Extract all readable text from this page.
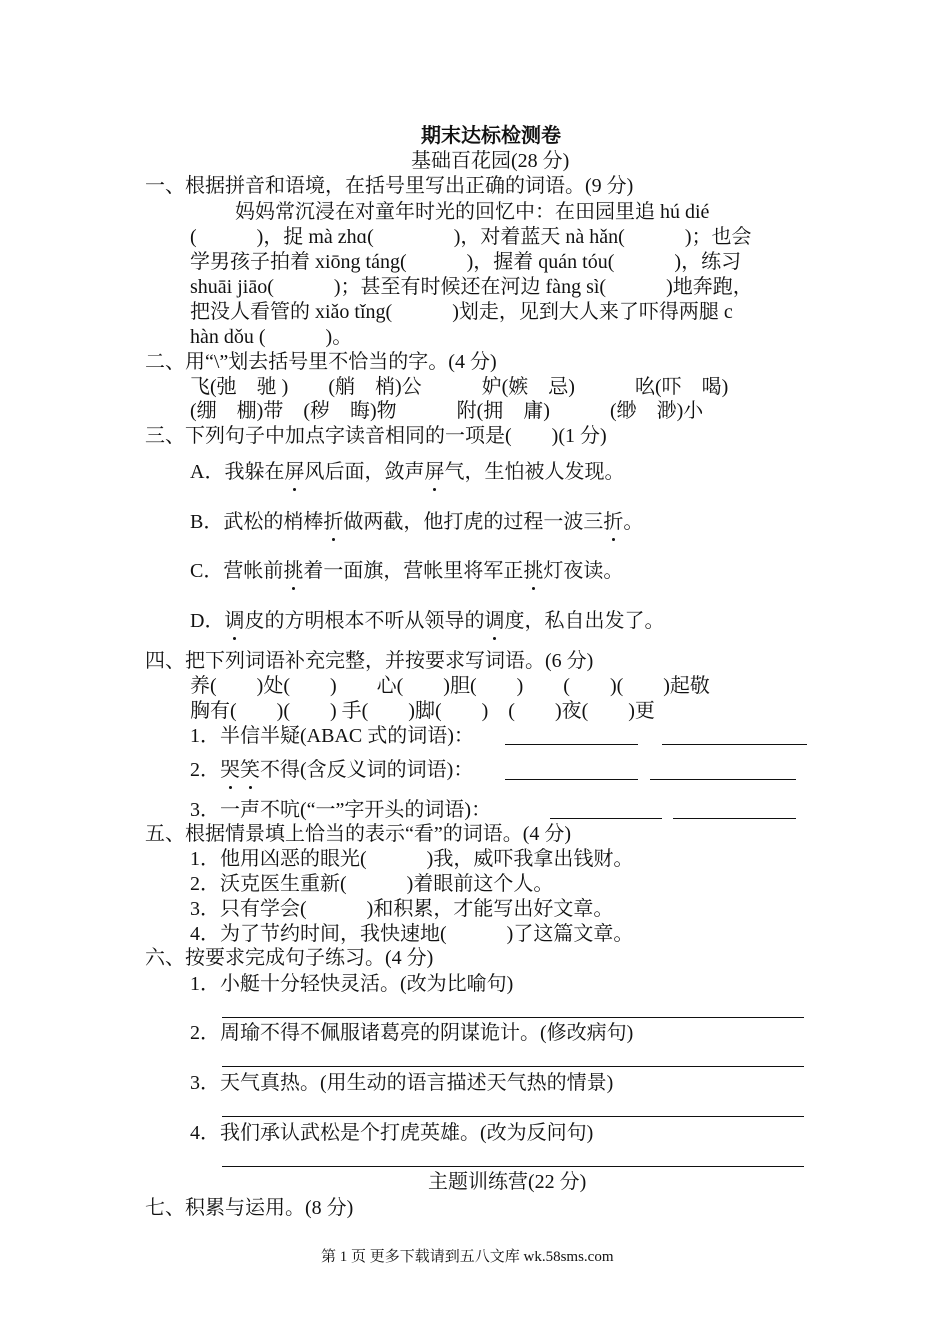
期末达标检测卷
基础百花园(28 分)
一、根据拼音和语境，在括号里写出正确的词语。(9 分)
妈妈常沉浸在对童年时光的回忆中：在田园里追 hú dié
(　　　)，捉 mà zhɑ(　　　　)，对着蓝天 nà hǎn(　　　)；也会
学男孩子拍着 xiōng táng(　　　)，握着 quán tóu(　　　)，练习
shuāi jiāo(　　　)；甚至有时候还在河边 fàng sì(　　　)地奔跑，
把没人看管的 xiǎo tǐng(　　　)划走，见到大人来了吓得两腿 c
hàn dǒu (　　　)。
二、用“\”划去括号里不恰当的字。(4 分)
飞(弛　驰 )　　(艄　梢)公　　　妒(嫉　忌)　　　吆(吓　喝)
(绷　棚)带　(秽　晦)物　　　附(拥　庸)　　　(缈　渺)小
三、下列句子中加点字读音相同的一项是(　　)(1 分)
A．我躲在屏风后面，敛声屏气，生怕被人发现。
B．武松的梢棒折做两截，他打虎的过程一波三折。
C．营帐前挑着一面旗，营帐里将军正挑灯夜读。
D．调皮的方明根本不听从领导的调度，私自出发了。
四、把下列词语补充完整，并按要求写词语。(6 分)
养(　　)处(　　)　　心(　　)胆(　　)　　(　　)(　　)起敬
胸有(　　)(　　) 手(　　)脚(　　)　(　　)夜(　　)更
1．半信半疑(ABAC 式的词语)：
2．哭笑不得(含反义词的词语)：
3．一声不吭(“一”字开头的词语)：
五、根据情景填上恰当的表示“看”的词语。(4 分)
1．他用凶恶的眼光(　　　)我，威吓我拿出钱财。
2．沃克医生重新(　　　)着眼前这个人。
3．只有学会(　　　)和积累，才能写出好文章。
4．为了节约时间，我快速地(　　　)了这篇文章。
六、按要求完成句子练习。(4 分)
1．小艇十分轻快灵活。(改为比喻句)
2．周瑜不得不佩服诸葛亮的阴谋诡计。(修改病句)
3．天气真热。(用生动的语言描述天气热的情景)
4．我们承认武松是个打虎英雄。(改为反问句)
主题训练营(22 分)
七、积累与运用。(8 分)
第 1 页 更多下载请到五八文库 wk.58sms.com
